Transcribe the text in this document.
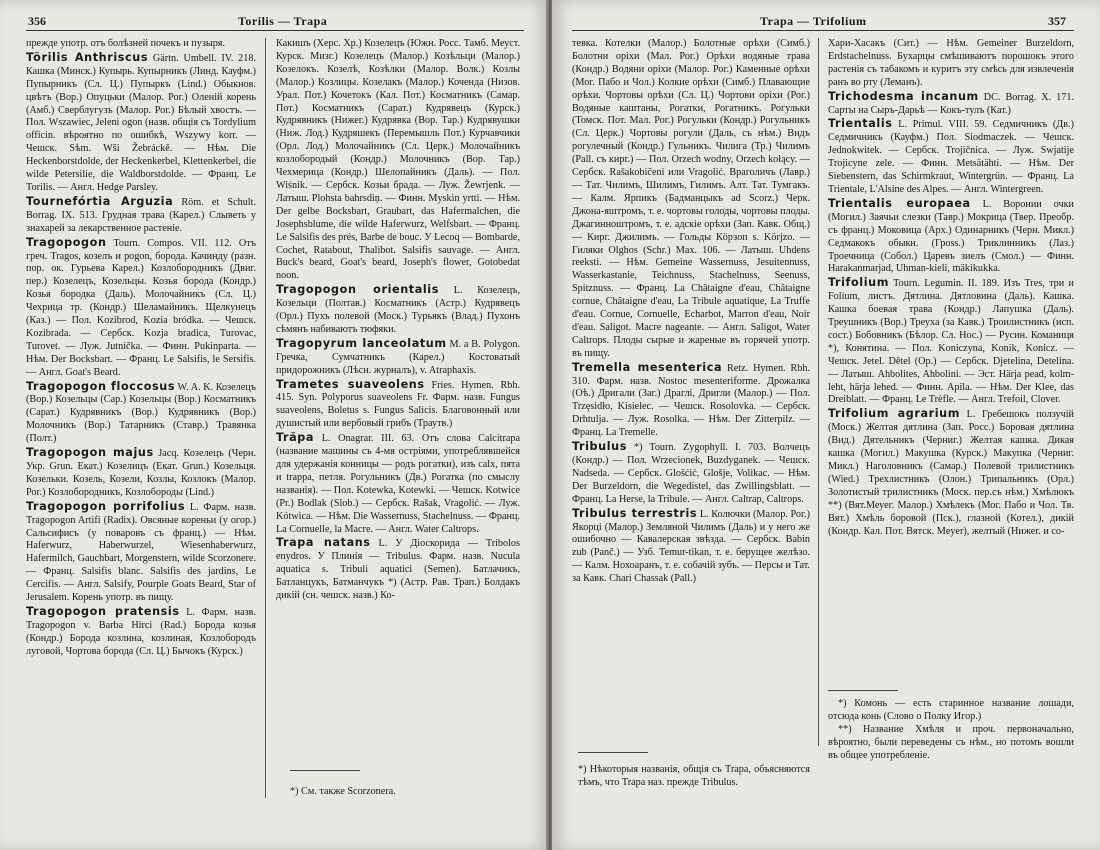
356	Torilis — Trapa

прежде употр. отъ болѣзней почекъ и пузыря.

Törilis Anthriscus Gärtn. Umbell. IV. 218. Кашка (Минск.) Купырь. Купырникъ (Линд. Кауфм.) Пупырникъ (Сл. Ц.) Пупыркъ (Lind.) Обыкнов. цвѣтъ (Вор.) Опуцьки (Малор. Рог.) Оленій корень (Амб.) Сверблугузъ (Малор. Рог.) Бѣлый хвостъ. — Пол. Wszawiec, Jeleni ogon (назв. общія съ Tordylium officin. вѣроятно по ошибкѣ, Wszywy korr. — Чешск. Sѣm. Wši Žebráckě. — Нѣм. Die Heckenborstdolde, der Heckenkerbel, Klettenkerbel, die wilde Petersilie, die Waldborstdolde. — Франц. Le Torilis. — Англ. Hedge Parsley.

Tournefórtia Arguzia Röm. et Schult. Borrag. IX. 513. Грудная трава (Карел.) Слыветь у знахарей за лекарственное растеніе.

Tragopogon Tourn. Compos. VII. 112. Отъ греч. Tragos, козелъ и pogon, борода. Качинду (разн. пор. ок. Гурьева Карел.) Козлобородникъ (Двиг. пер.) Козелецъ, Козельцы. Козья борода (Кондр.) Козья бородка (Даль). Молочайникъ (Сл. Ц.) Чехрица тр. (Кондр.) Шеламайникъ. Щелкунецъ (Каз.) — Пол. Kozibrod, Kozia bródka. — Чешск. Kozibrada. — Сербск. Kozja bradica, Turovac, Turovet. — Луж. Jutnička. — Финн. Pukinparta. — Нѣм. Der Bocksbart. — Франц. Le Salsifis, le Sersifis. — Англ. Goat's Beard.

Tragopogon floccosus W. A. K. Козелецъ (Вор.) Козельцы (Сар.) Козельцы (Вор.) Косматникъ (Сарат.) Кудрявникъ (Вор.) Кудрявникъ (Вор.) Молочникъ (Вор.) Татарникъ (Ставр.) Травянка (Полт.)

Tragopogon majus Jacq. Козелецъ (Черн. Укр. Grun. Екат.) Козелицъ (Екат. Grun.) Козельця. Козельки. Козель, Козели, Козлы, Козлокъ (Малор. Рог.) Козлобородникъ, Козлобороды (Lind.)

Tragopogon porrifolius L. Фарм. назв. Tragopogon Artifi (Radix). Овсяные кореньи (у огор.) Сальсифисъ (у поваровъ съ франц.) — Нѣм. Haferwurz, Haberwurzel, Wiesenhaberwurz, Hafermilch, Gauchbart, Morgenstern, wilde Scorzonere. — Франц. Salsifis blanc. Salsifis des jardins, Le Cercifis. — Англ. Salsify, Pourple Goats Beard, Star of Jerusalem. Корень употр. въ пищу.

Tragopogon pratensis L. Фарм. назв. Tragopogon v. Barba Hirci (Rad.) Борода козья (Кондр.) Борода козлина, козлиная, Козлобородъ луговой, Чортова борода (Сл. Ц.) Бычокъ (Курск.)

Какишъ (Херс. Хр.) Козелецъ (Южн. Росс. Тамб. Меуст. Курск. Мизг.) Козелецъ (Малор.) Козѣльци (Малор.) Козелокъ. Козелѣ, Козѣлки (Малор. Волк.) Козлы (Малор.) Козлицы. Козелакъ (Малор.) Коченда (Низов. Урал. Пот.) Кочетокъ (Кал. Пот.) Косматникъ (Самар. Пот.) Косматникъ (Сарат.) Кудрявецъ (Курск.) Кудрявникъ (Нижег.) Кудрявка (Вор. Тар.) Кудрявушки (Ниж. Лод.) Кудряшекъ (Перемышль Пот.) Курчавчики (Орл. Лод.) Молочайникъ (Сл. Церк.) Молочайникъ козлобородый (Кондр.) Молочникъ (Вор. Тар.) Чехмерица (Кондр.) Шелопайникъ (Даль). — Пол. Wiśnik. — Сербск. Козьи брада. — Луж. Žewrjenk. — Латыш. Plohsta bahrsdiņ. — Финн. Myskin yrtti. — Нѣм. Der gelbe Bocksbart, Graubart, das Hafermalchen, die Josephsblume, die wilde Haferwurz, Welfsbart. — Франц. Le Salsifis des prés, Barbe de bouc. У Lecoq — Bombarde, Cochet, Ratabout, Thalibot. Salsifis sauvage. — Англ. Buck's beard, Goat's beard, Joseph's flower, Gotobedat noon.

Tragopogon orientalis L. Козелецъ, Козельци (Полтав.) Косматникъ (Астр.) Кудрявецъ (Орл.) Пухъ полевой (Моск.) Турьякъ (Влад.) Пухонъ сѣмянъ набиваютъ тюфяки.

Tragopyrum lanceolatum M. a B. Polygon. Гречка, Сумчатникъ (Карел.) Костоватый придорожникъ (Лѣсн. журналъ), v. Atraphaxis.

Trametes suaveolens Fries. Hymen. Rbh. 415. Syn. Polyporus suaveolens Fr. Фарм. назв. Fungus suaveolens, Boletus s. Fungus Salicis. Благовонный или душистый или вербовый грибъ (Траутв.)

Trăpa L. Onagrar. III. 63. Отъ слова Calcitrapa (название машины съ 4-мя остріями, употреблявшейся для удержанія конницы — родъ рогатки), изъ calx, пята и trappa, петля. Рогульникъ (Дв.) Рогатка (по смыслу названія). — Пол. Kotewka, Kotewki. — Чешск. Kotwice (Pr.) Bodlak (Slob.) — Сербск. Rašak, Vragolić. — Луж. Kótwica. — Нѣм. Die Wassernuss, Stachelnuss. — Франц. La Cornuelle, la Macre. — Англ. Water Caltrops.

Trapa natans L. У Діоскорида — Tribolos enydros. У Плинія — Tribulus. Фарм. назв. Nucula aquatica s. Tribuli aquatici (Semen). Батлачикъ, Батланцукъ, Батманчукъ *) (Астр. Рав. Трап.) Болдакъ дикій (сн. чешск. назв.) Ко-

*) См. также Scorzonera.
Trapa — Trifolium	357

тевка. Котелки (Малор.) Болотные орѣхи (Симб.) Болотни оріхи (Мал. Рог.) Орѣхи водяные трава (Кондр.) Водяни оріхи (Малор. Рог.) Каменные орѣхи (Мог. Пабо и Чол.) Колкие орѣхи (Симб.) Плавающие орѣхи. Чортовы орѣхи (Сл. Ц.) Чортови оріхи (Рог.) Водяные каштаны, Рогатки, Рогатникъ. Рогульки (Томск. Пот. Мал. Рог.) Рогульки (Кондр.) Рогульникъ (Сл. Церк.) Чортовы рогули (Даль, съ нѣм.) Видъ рогулечный (Кондр.) Гульникъ. Чилига (Тр.) Чилимъ (Pall. съ кирг.) — Пол. Orzech wodny, Orzech kołący. — Сербск. Rašakobičeni или Vragolić. Враголичъ (Лавр.) — Тат. Чилимъ, Шилимъ, Гилимъ. Алт. Тат. Тумгакъ. — Калм. Ярпикъ (Бадманцыкъ ad Scorz.) Черк. Джона-яштромъ, т. е. чортовы голоды, чортовы плоды. Джагинноштромъ, т. е. адскіе орѣхи (Зап. Кавк. Общ.) — Кирг. Джилимъ. — Гольды Кöрзоп s. Körjzo. — Гиляки Olghos (Schr.) Max. 106. — Латыш. Uhdens reeksti. — Нѣм. Gemeine Wassernuss, Jesuitennuss, Wasserkastanie, Teichnuss, Stachelnuss, Seenuss, Spitznuss. — Франц. La Châtaigne d'eau, Châtaigne cornue, Châtaigne d'eau, La Tribule aquatique, La Truffe d'eau. Cornue, Cornuelle, Echarbot, Marron d'eau, Noir d'eau. Saligot. Macre nageante. — Англ. Saligot, Water Caltrops. Плоды сырые и жареные въ горячей употр. въ пищу.

Tremella mesenterica Retz. Hymen. Rbh. 310. Фарм. назв. Nostoc mesenteriforme. Дрожалка (Оѣ.) Дригали (Заг.) Драглі, Дригли (Малор.) — Пол. Trzęsidło, Kisielec. — Чешск. Rosolovka. — Сербск. Drhtulja. — Луж. Rosolka. — Нѣм. Der Zitterpilz. — Франц. La Tremelle.

Tribulus *) Tourn. Zygophyll. I. 703. Волчецъ (Кондр.) — Пол. Wrzecionek, Buzdyganek. — Чешск. Nadseda. — Сербск. Glošćić, Glošje, Volikac. — Нѣм. Der Burzeldorn, die Wegedistel, das Zwillingsblatt. — Франц. La Herse, la Tribule. — Англ. Caltrap, Caltrops.

Tribulus terrestris L. Колючки (Малор. Рог.) Якорці (Малор.) Земляной Чилимъ (Даль) и у него же ошибочно — Кавалерская звѣзда. — Сербск. Babin zub (Panč.) — Узб. Temur-tikan, т. е. берущее желѣзо. — Калм. Нохоаранъ, т. е. собачій зубъ. — Персы и Тат. за Кавк. Chari Chassak (Pall.)

Хари-Хасакъ (Сит.) — Нѣм. Gemeiner Burzeldorn, Erdstachelnuss. Бухарцы смѣшиваютъ порошокъ этого растенія съ табакомъ и куритъ эту смѣсь для извлеченія ранъ во рту (Леманъ).

Trichodesma incanum DC. Borrag. X. 171. Сарты на Сыръ-Дарьѣ — Кокъ-тулъ (Кат.)

Trientalis L. Primul. VIII. 59. Седмичникъ (Дв.) Седмичникъ (Кауфм.) Пол. Siodmaczek. — Чешск. Jednokwitek. — Сербск. Trojičnica. — Луж. Swjatije Trojicyne zele. — Финн. Metsätähti. — Нѣм. Der Siebenstern, das Schirmkraut, Wintergrün. — Франц. La Trientale, L'Alsine des Alpes. — Англ. Wintergreen.

Trientalis europaea L. Воронии очки (Могил.) Заячьи слезки (Тавр.) Мокрица (Твер. Преобр. съ франц.) Моковица (Арх.) Одинарникъ (Черн. Микл.) Седмакокъ обыкн. (Гроss.) Триклинникъ (Лаз.) Троечница (Собол.) Царевъ зиелъ (Смол.) — Финн. Harakanmarjad, Uhman-kieli, mäkikukka.

Trifolium Tourn. Legumin. II. 189. Изъ Tres, три и Folium, листъ. Дятлина. Дятловина (Даль). Кашка. Кашка боевая трава (Кондр.) Лапушка (Даль). Треушникъ (Вор.) Треуха (за Кавк.) Троилистникъ (исп. сост.) Бобовникъ (Бѣлор. Сл. Нос.) — Русин. Команиця *), Конятина. — Пол. Koniczyna, Konik, Konicz. — Чешск. Jetel. Dětel (Op.) — Сербск. Djetelina, Detelina. — Латыш. Ahbolites, Ahbolini. — Эст. Härja pead, kolm-leht, härja lehed. — Финн. Apila. — Нѣм. Der Klee, das Dreiblatt. — Франц. Le Trèfle. — Англ. Trefoil, Clover.

Trifolium agrarium L. Гребешокъ ползучій (Моск.) Желтая дятлина (Зап. Росс.) Боровая дятлина (Вид.) Дятельникъ (Черниг.) Желтая кашка. Дикая кашка (Могил.) Макушка (Курск.) Макупка (Черниг. Микл.) Наголовникъ (Самар.) Полевой трилистникъ (Wied.) Трехлистникъ (Олон.) Трипальникъ (Орл.) Золотистый трилистникъ (Моск. пер.съ нѣм.) Хмѣлюкъ **) (Вят.Меуег. Малор.) Хмѣлекъ (Мог. Пабо и Чол. Тв. Вят.) Хмѣль боровой (Пск.), глазной (Котел.), дикій (Кондр. Кал. Пот. Вятск. Meyer), желтый (Нижег. и со-

*) Нѣкоторыя названія, общія съ Trapa, объясняются тѣмъ, что Trapa наз. прежде Tribulus.
*) Комонь — есть старинное название лошади, отсюда конь (Слово о Полку Игор.)
**) Название Хмѣля и проч. первоначально, вѣроятно, были переведены съ нѣм., но потомъ вошли въ общее употребленіе.
